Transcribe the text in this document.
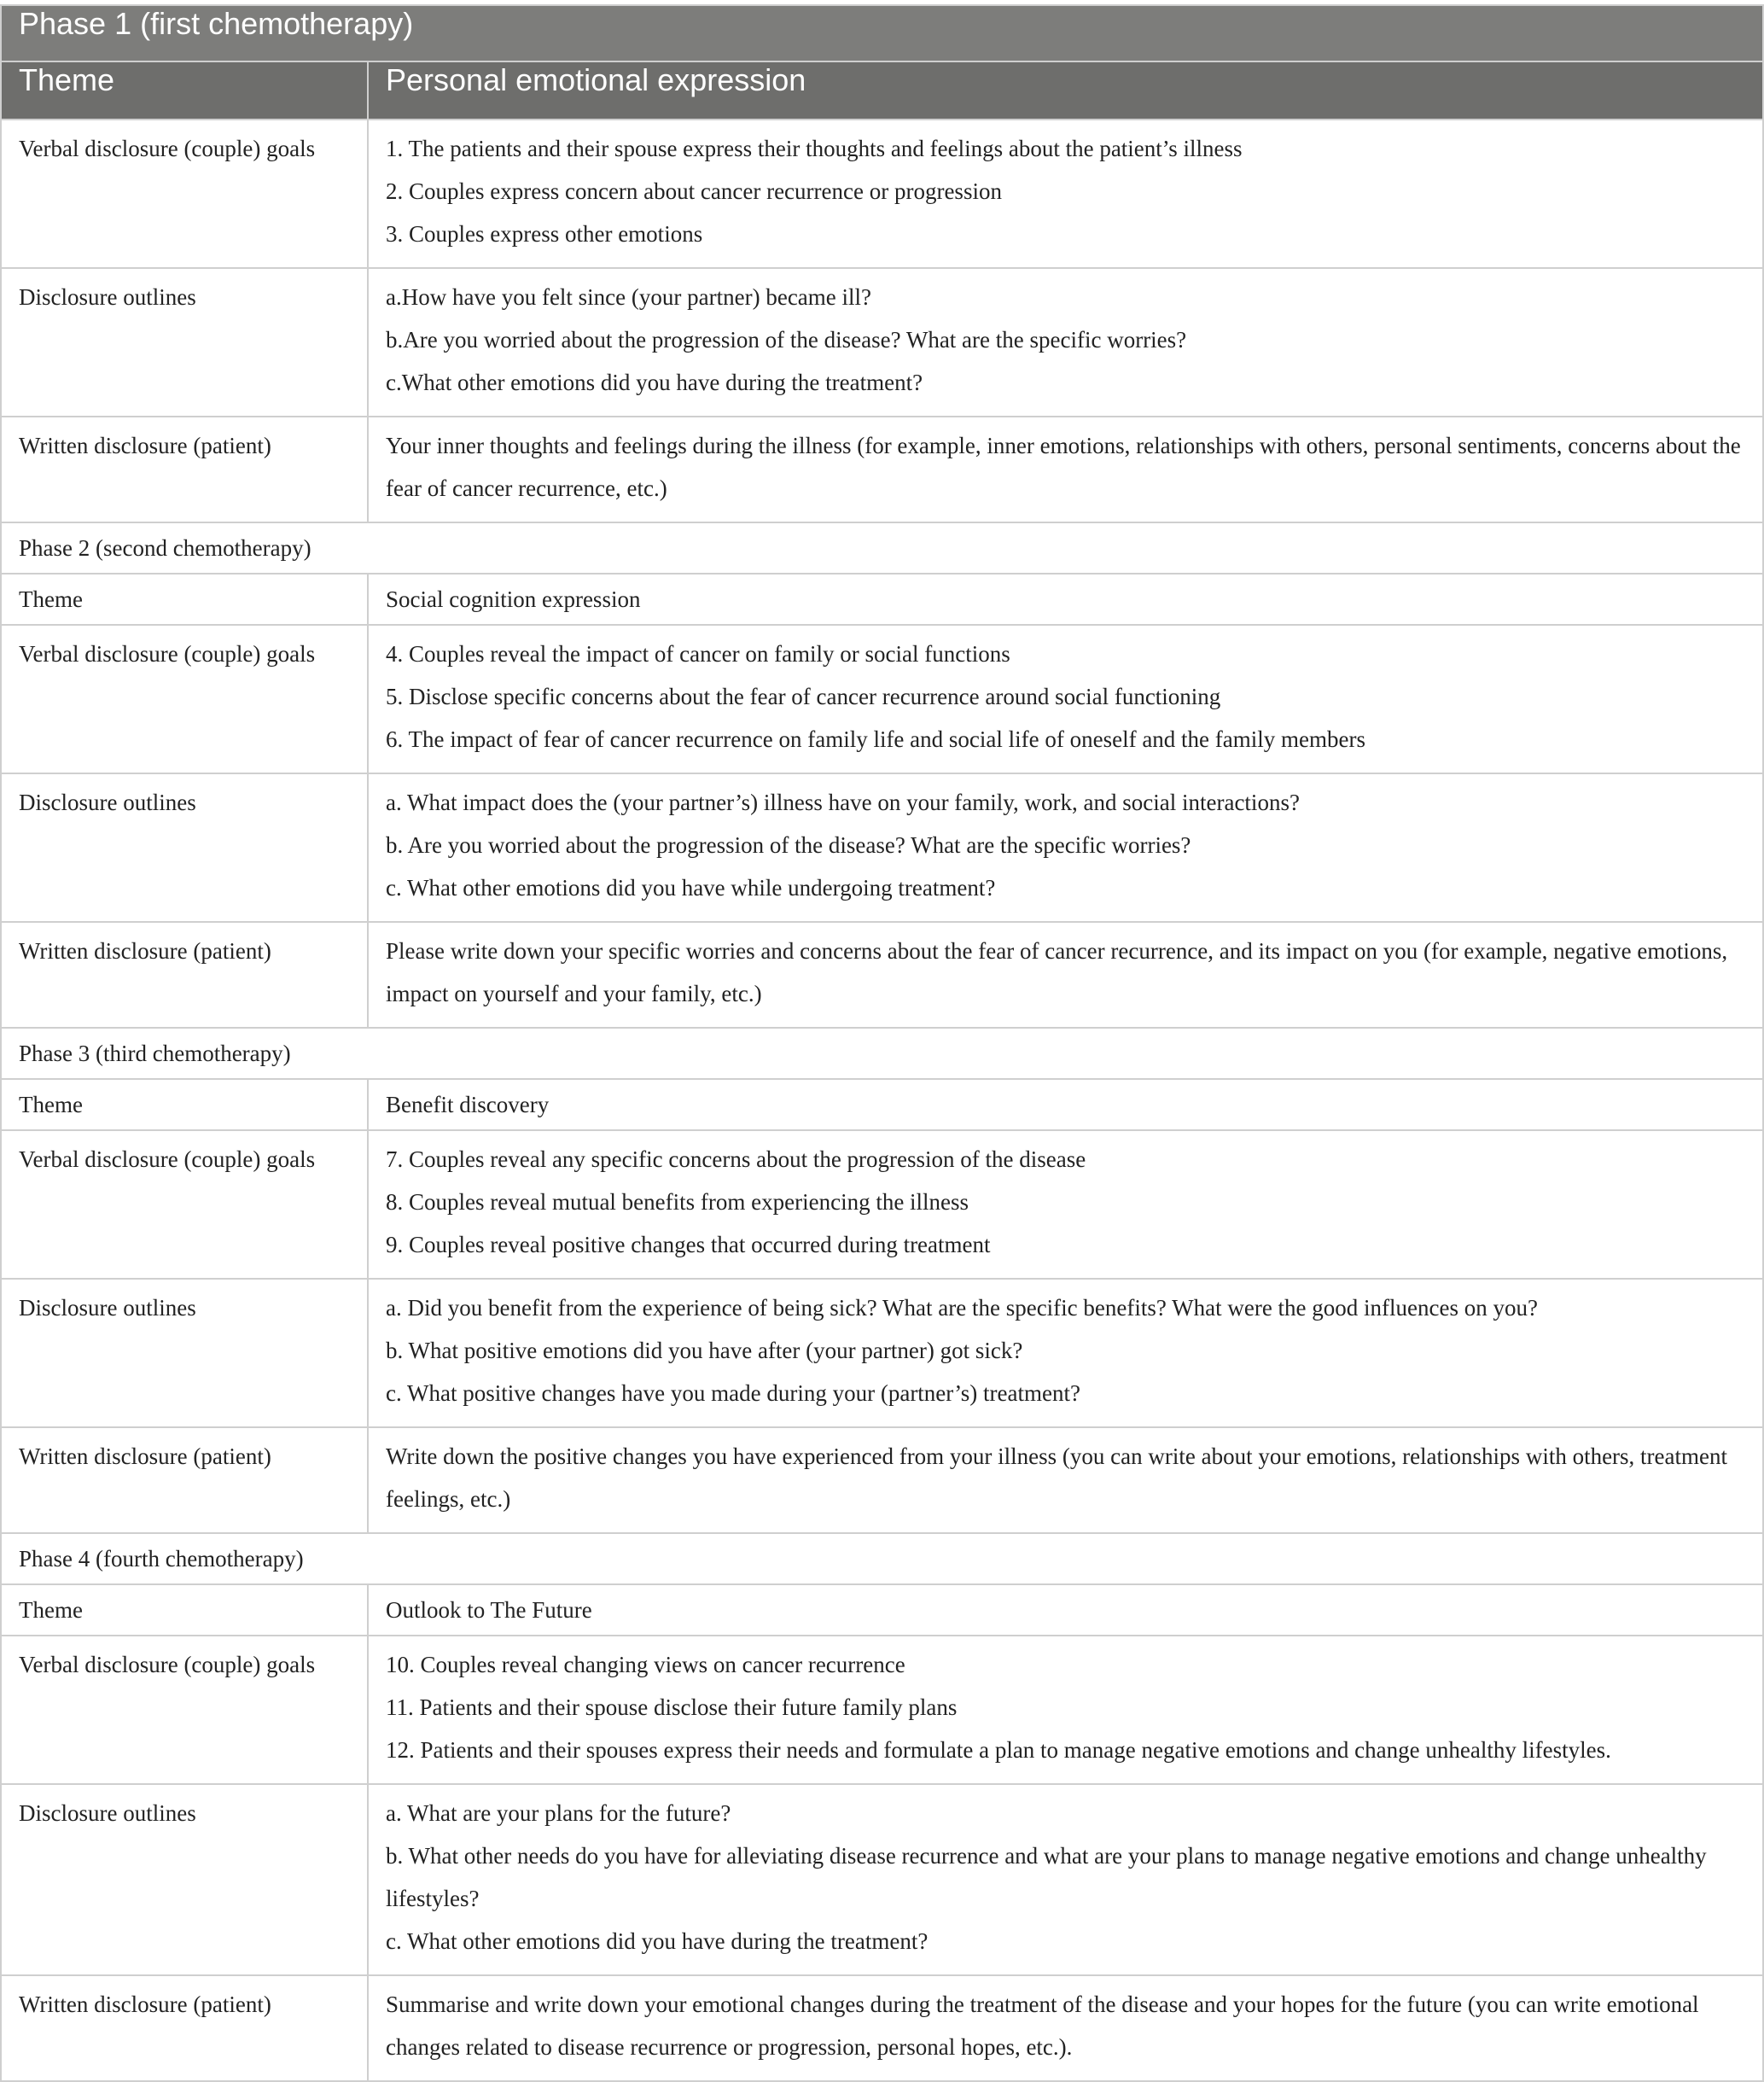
Phase 1 (first chemotherapy)	
Theme	Personal emotional expression

Verbal disclosure (couple) goals	1. The patients and their spouse express their thoughts and feelings about the patient’s illness
2. Couples express concern about cancer recurrence or progression
3. Couples express other emotions

Disclosure outlines	a.How have you felt since (your partner) became ill?
b.Are you worried about the progression of the disease? What are the specific worries?
c.What other emotions did you have during the treatment?

Written disclosure (patient)	Your inner thoughts and feelings during the illness (for example, inner emotions, relationships with others, personal sentiments, concerns about the fear of cancer recurrence, etc.)

Phase 2 (second chemotherapy)	
Theme	Social cognition expression

Verbal disclosure (couple) goals	4. Couples reveal the impact of cancer on family or social functions
5. Disclose specific concerns about the fear of cancer recurrence around social functioning
6. The impact of fear of cancer recurrence on family life and social life of oneself and the family members

Disclosure outlines	a. What impact does the (your partner’s) illness have on your family, work, and social interactions?
b. Are you worried about the progression of the disease? What are the specific worries?
c. What other emotions did you have while undergoing treatment?

Written disclosure (patient)	Please write down your specific worries and concerns about the fear of cancer recurrence, and its impact on you (for example, negative emotions, impact on yourself and your family, etc.)

Phase 3 (third chemotherapy)	
Theme	Benefit discovery

Verbal disclosure (couple) goals	7. Couples reveal any specific concerns about the progression of the disease
8. Couples reveal mutual benefits from experiencing the illness
9. Couples reveal positive changes that occurred during treatment

Disclosure outlines	a. Did you benefit from the experience of being sick? What are the specific benefits? What were the good influences on you?
b. What positive emotions did you have after (your partner) got sick?
c. What positive changes have you made during your (partner’s) treatment?

Written disclosure (patient)	Write down the positive changes you have experienced from your illness (you can write about your emotions, relationships with others, treatment feelings, etc.)

Phase 4 (fourth chemotherapy)	
Theme	Outlook to The Future

Verbal disclosure (couple) goals	10. Couples reveal changing views on cancer recurrence
11. Patients and their spouse disclose their future family plans
12. Patients and their spouses express their needs and formulate a plan to manage negative emotions and change unhealthy lifestyles.

Disclosure outlines	a. What are your plans for the future?
b. What other needs do you have for alleviating disease recurrence and what are your plans to manage negative emotions and change unhealthy lifestyles?
c. What other emotions did you have during the treatment?

Written disclosure (patient)	Summarise and write down your emotional changes during the treatment of the disease and your hopes for the future (you can write emotional changes related to disease recurrence or progression, personal hopes, etc.).
